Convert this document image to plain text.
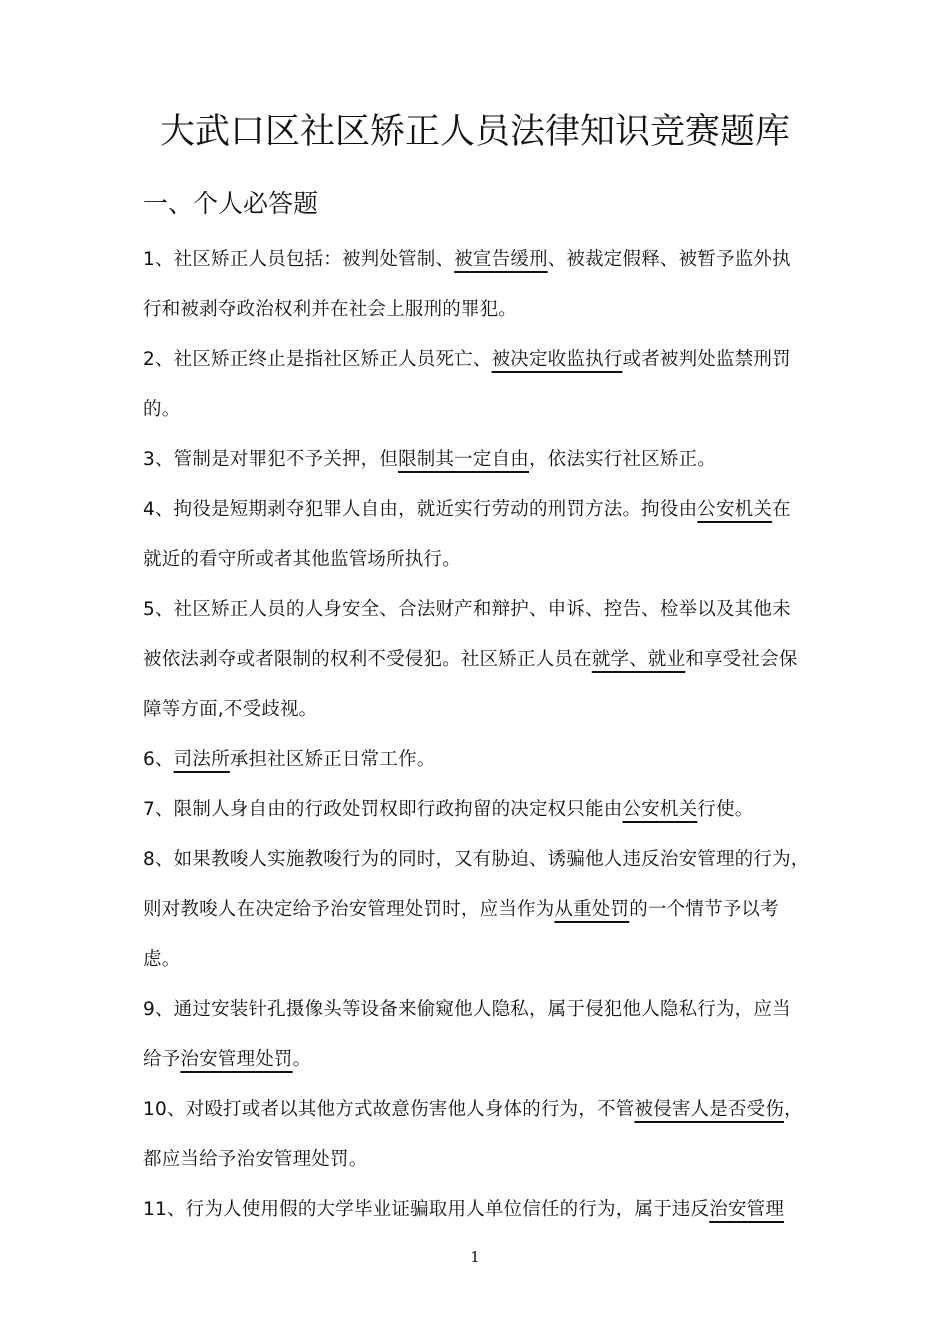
大武口区社区矫正人员法律知识竞赛题库
一、个人必答题
1、社区矫正人员包括：被判处管制、被宣告缓刑、被裁定假释、被暂予监外执
行和被剥夺政治权利并在社会上服刑的罪犯。
2、社区矫正终止是指社区矫正人员死亡、被决定收监执行或者被判处监禁刑罚
的。
3、管制是对罪犯不予关押，但限制其一定自由，依法实行社区矫正。
4、拘役是短期剥夺犯罪人自由，就近实行劳动的刑罚方法。拘役由公安机关在
就近的看守所或者其他监管场所执行。
5、社区矫正人员的人身安全、合法财产和辩护、申诉、控告、检举以及其他未
被依法剥夺或者限制的权利不受侵犯。社区矫正人员在就学、就业和享受社会保
障等方面,不受歧视。
6、司法所承担社区矫正日常工作。
7、限制人身自由的行政处罚权即行政拘留的决定权只能由公安机关行使。
8、如果教唆人实施教唆行为的同时，又有胁迫、诱骗他人违反治安管理的行为，
则对教唆人在决定给予治安管理处罚时，应当作为从重处罚的一个情节予以考
虑。
9、通过安装针孔摄像头等设备来偷窥他人隐私，属于侵犯他人隐私行为，应当
给予治安管理处罚。
10、对殴打或者以其他方式故意伤害他人身体的行为，不管被侵害人是否受伤，
都应当给予治安管理处罚。
11、行为人使用假的大学毕业证骗取用人单位信任的行为，属于违反治安管理
1
